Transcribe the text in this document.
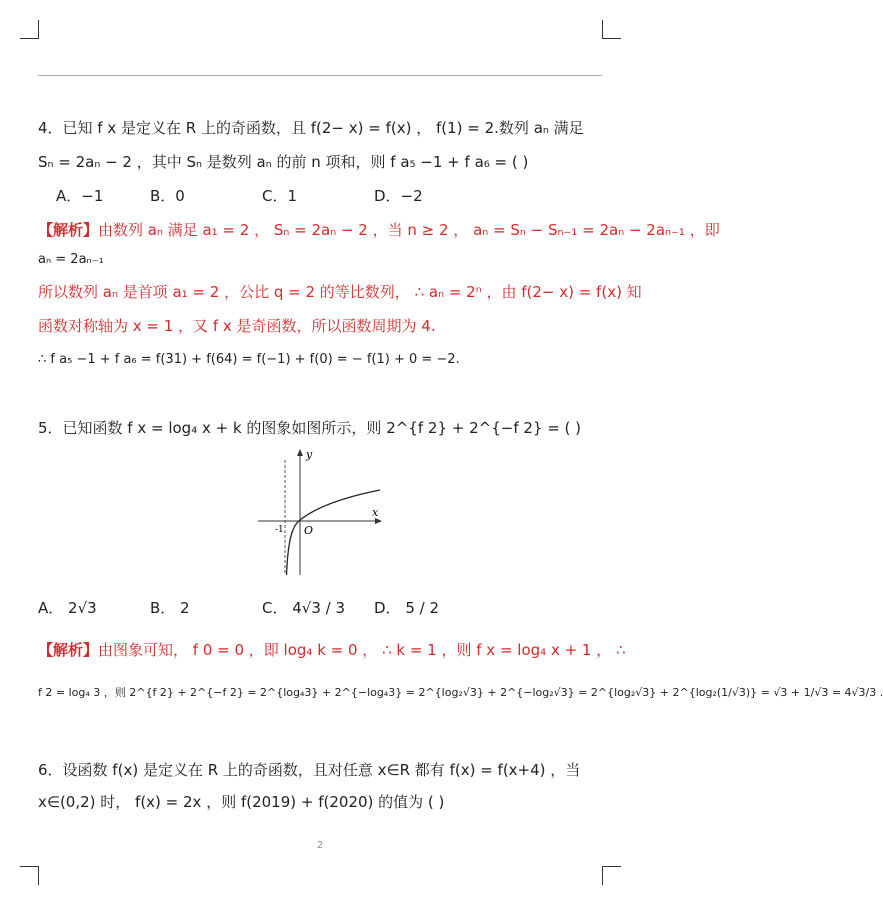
4．已知 f x 是定义在 R 上的奇函数，且 f(2− x) = f(x) ， f(1) = 2.数列 aₙ 满足
Sₙ = 2aₙ − 2 ，其中 Sₙ 是数列 aₙ 的前 n 项和，则 f a₅ −1 + f a₆ = ( )
A．−1	B．0	C．1	D．−2
【解析】由数列 aₙ 满足 a₁ = 2 ， Sₙ = 2aₙ − 2 ，当 n ≥ 2 ， aₙ = Sₙ − Sₙ₋₁ = 2aₙ − 2aₙ₋₁ ，即
aₙ = 2aₙ₋₁
所以数列 aₙ 是首项 a₁ = 2 ，公比 q = 2 的等比数列， ∴ aₙ = 2ⁿ ，由 f(2− x) = f(x) 知
函数对称轴为 x = 1 ，又 f x 是奇函数，所以函数周期为 4.
∴ f a₅ −1 + f a₆ = f(31) + f(64) = f(−1) + f(0) = − f(1) + 0 = −2.
5．已知函数 f x = log₄ x + k 的图象如图所示，则 2^{f 2} + 2^{−f 2} = ( )
x
y
O
-1
A． 2√3	B． 2	C． 4√3 / 3 D． 5 / 2
【解析】由图象可知， f 0 = 0 ，即 log₄ k = 0 ， ∴ k = 1 ，则 f x = log₄ x + 1 ， ∴
f 2 = log₄ 3 ，则 2^{f 2} + 2^{−f 2} = 2^{log₄3} + 2^{−log₄3} = 2^{log₂√3} + 2^{−log₂√3} = 2^{log₂√3} + 2^{log₂(1/√3)} = √3 + 1/√3 = 4√3/3 .
6．设函数 f(x) 是定义在 R 上的奇函数，且对任意 x∈R 都有 f(x) = f(x+4) ，当
x∈(0,2) 时， f(x) = 2x ，则 f(2019) + f(2020) 的值为 ( )
2
